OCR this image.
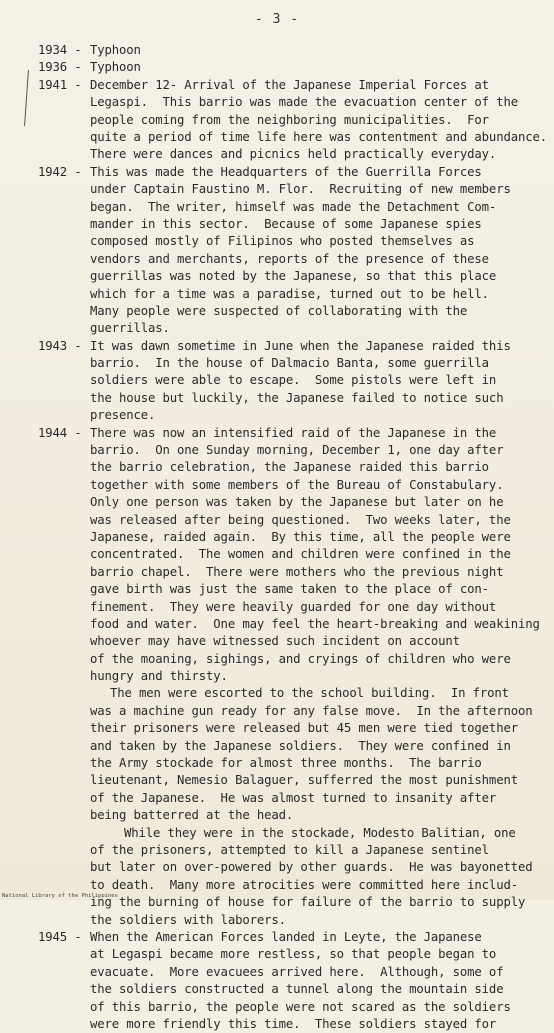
- 3 -
1934 - Typhoon
1936 - Typhoon
1941 - December 12- Arrival of the Japanese Imperial Forces at
Legaspi.  This barrio was made the evacuation center of the
people coming from the neighboring municipalities.  For
quite a period of time life here was contentment and abundance.
There were dances and picnics held practically everyday.
1942 - This was made the Headquarters of the Guerrilla Forces
under Captain Faustino M. Flor.  Recruiting of new members
began.  The writer, himself was made the Detachment Com-
mander in this sector.  Because of some Japanese spies
composed mostly of Filipinos who posted themselves as
vendors and merchants, reports of the presence of these
guerrillas was noted by the Japanese, so that this place
which for a time was a paradise, turned out to be hell.
Many people were suspected of collaborating with the
guerrillas.
1943 - It was dawn sometime in June when the Japanese raided this
barrio.  In the house of Dalmacio Banta, some guerrilla
soldiers were able to escape.  Some pistols were left in
the house but luckily, the Japanese failed to notice such
presence.
1944 - There was now an intensified raid of the Japanese in the
barrio.  On one Sunday morning, December 1, one day after
the barrio celebration, the Japanese raided this barrio
together with some members of the Bureau of Constabulary.
Only one person was taken by the Japanese but later on he
was released after being questioned.  Two weeks later, the
Japanese, raided again.  By this time, all the people were
concentrated.  The women and children were confined in the
barrio chapel.  There were mothers who the previous night
gave birth was just the same taken to the place of con-
finement.  They were heavily guarded for one day without
food and water.  One may feel the heart-breaking and weakining
whoever may have witnessed such incident on account
of the moaning, sighings, and cryings of children who were
hungry and thirsty.
The men were escorted to the school building.  In front
was a machine gun ready for any false move.  In the afternoon
their prisoners were released but 45 men were tied together
and taken by the Japanese soldiers.  They were confined in
the Army stockade for almost three months.  The barrio
lieutenant, Nemesio Balaguer, sufferred the most punishment
of the Japanese.  He was almost turned to insanity after
being batterred at the head.
While they were in the stockade, Modesto Balitian, one
of the prisoners, attempted to kill a Japanese sentinel
but later on over-powered by other guards.  He was bayonetted
to death.  Many more atrocities were committed here includ-
ing the burning of house for failure of the barrio to supply
the soldiers with laborers.
1945 - When the American Forces landed in Leyte, the Japanese
at Legaspi became more restless, so that people began to
evacuate.  More evacuees arrived here.  Although, some of
the soldiers constructed a tunnel along the mountain side
of this barrio, the people were not scared as the soldiers
were more friendly this time.  These soldiers stayed for
National Library of the Philippines
